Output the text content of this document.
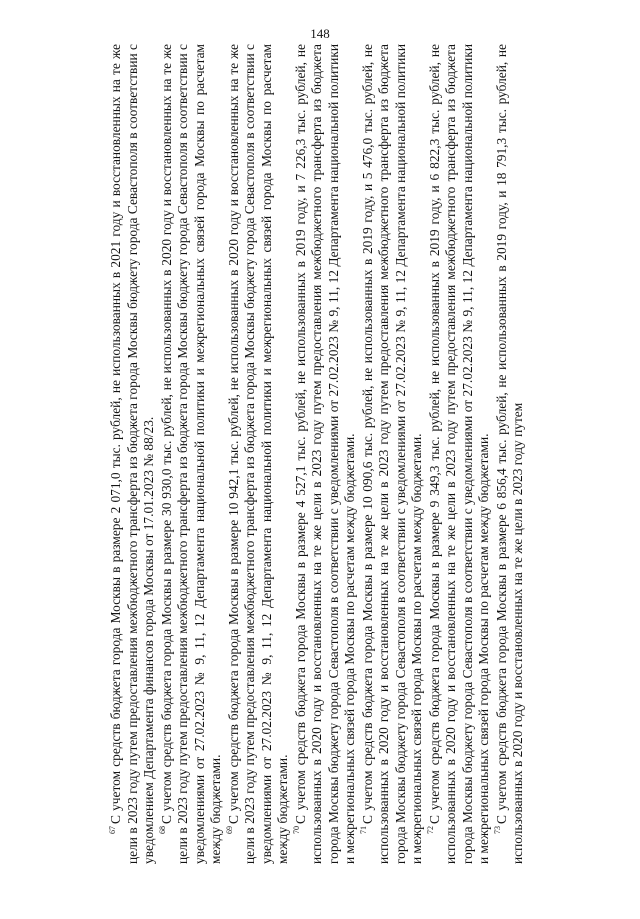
148

$^{67}$С учетом средств бюджета города Москвы в размере 2 071,0 тыс. рублей, не использованных в 2021 году и восстановленных на те же цели в 2023 году путем предоставления межбюджетного трансферта из бюджета города Москвы бюджету города Севастополя в соответствии с уведомлением Департамента финансов города Москвы от 17.01.2023 № 88/23. $^{68}$С учетом средств бюджета города Москвы в размере 30 930,0 тыс. рублей, не использованных в 2020 году и восстановленных на те же цели в 2023 году путем предоставления межбюджетного трансферта из бюджета города Москвы бюджету города Севастополя в соответствии с уведомлениями от 27.02.2023 № 9, 11, 12 Департамента национальной политики и межрегиональных связей города Москвы по расчетам между бюджетами. $^{69}$С учетом средств бюджета города Москвы в размере 10 942,1 тыс. рублей, не использованных в 2020 году и восстановленных на те же цели в 2023 году путем предоставления межбюджетного трансферта из бюджета города Москвы бюджету города Севастополя в соответствии с уведомлениями от 27.02.2023 № 9, 11, 12 Департамента национальной политики и межрегиональных связей города Москвы по расчетам между бюджетами. $^{70}$С учетом средств бюджета города Москвы в размере 4 527,1 тыс. рублей, не использованных в 2019 году, и 7 226,3 тыс. рублей, не использованных в 2020 году и восстановленных на те же цели в 2023 году путем предоставления межбюджетного трансферта из бюджета города Москвы бюджету города Севастополя в соответствии с уведомлениями от 27.02.2023 № 9, 11, 12 Департамента национальной политики и межрегиональных связей города Москвы по расчетам между бюджетами. $^{71}$С учетом средств бюджета города Москвы в размере 10 090,6 тыс. рублей, не использованных в 2019 году, и 5 476,0 тыс. рублей, не использованных в 2020 году и восстановленных на те же цели в 2023 году путем предоставления межбюджетного трансферта из бюджета города Москвы бюджету города Севастополя в соответствии с уведомлениями от 27.02.2023 № 9, 11, 12 Департамента национальной политики и межрегиональных связей города Москвы по расчетам между бюджетами. $^{72}$С учетом средств бюджета города Москвы в размере 9 349,3 тыс. рублей, не использованных в 2019 году, и 6 822,3 тыс. рублей, не использованных в 2020 году и восстановленных на те же цели в 2023 году путем предоставления межбюджетного трансферта из бюджета города Москвы бюджету города Севастополя в соответствии с уведомлениями от 27.02.2023 № 9, 11, 12 Департамента национальной политики и межрегиональных связей города Москвы по расчетам между бюджетами. $^{73}$С учетом средств бюджета города Москвы в размере 6 856,4 тыс. рублей, не использованных в 2019 году, и 18 791,3 тыс. рублей, не использованных в 2020 году и восстановленных на те же цели в 2023 году путем
